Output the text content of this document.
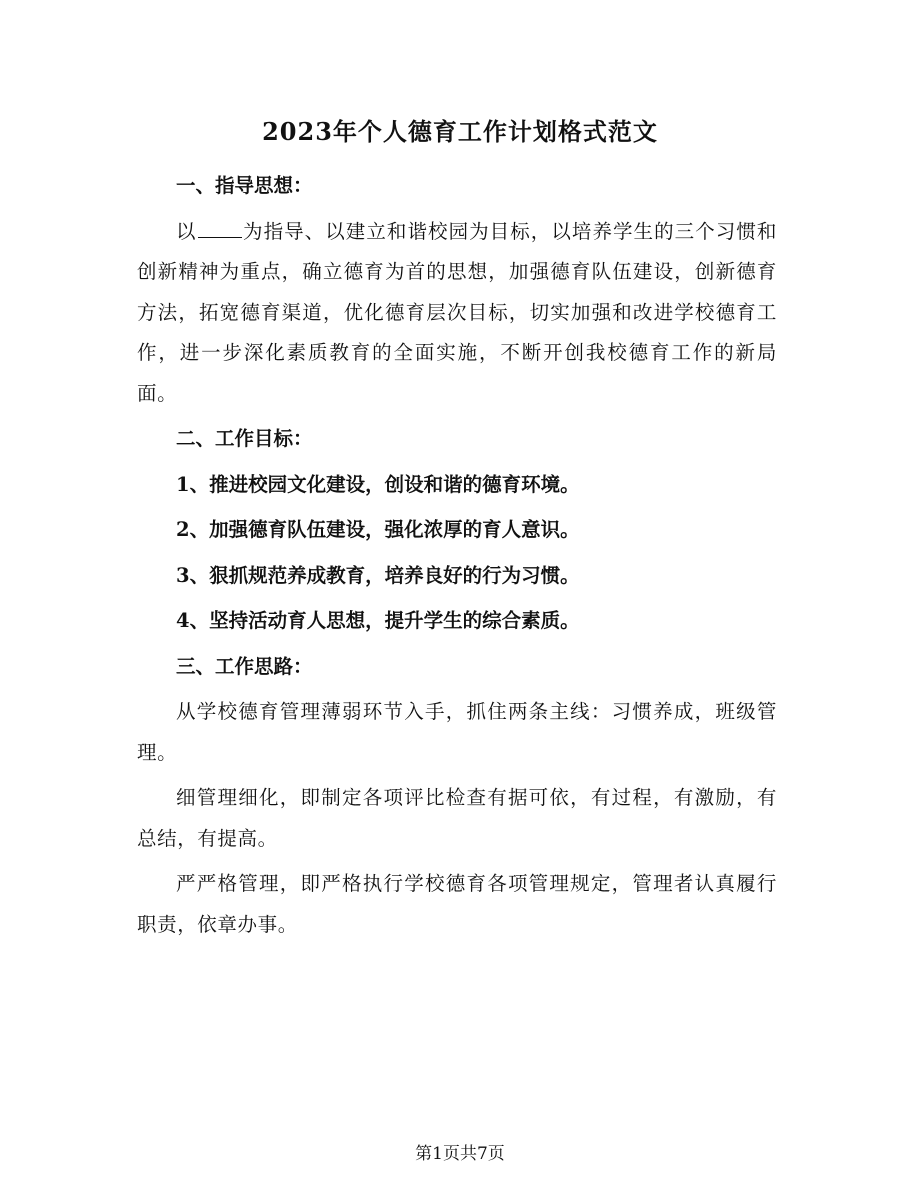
2023年个人德育工作计划格式范文
一、指导思想：
以 为指导、以建立和谐校园为目标，以培养学生的三个习惯和创新精神为重点，确立德育为首的思想，加强德育队伍建设，创新德育方法，拓宽德育渠道，优化德育层次目标，切实加强和改进学校德育工作，进一步深化素质教育的全面实施，不断开创我校德育工作的新局面。
二、工作目标：
1、推进校园文化建设，创设和谐的德育环境。
2、加强德育队伍建设，强化浓厚的育人意识。
3、狠抓规范养成教育，培养良好的行为习惯。
4、坚持活动育人思想，提升学生的综合素质。
三、工作思路：
从学校德育管理薄弱环节入手，抓住两条主线：习惯养成，班级管理。
细管理细化，即制定各项评比检查有据可依，有过程，有激励，有总结，有提高。
严严格管理，即严格执行学校德育各项管理规定，管理者认真履行职责，依章办事。
第1页共7页
